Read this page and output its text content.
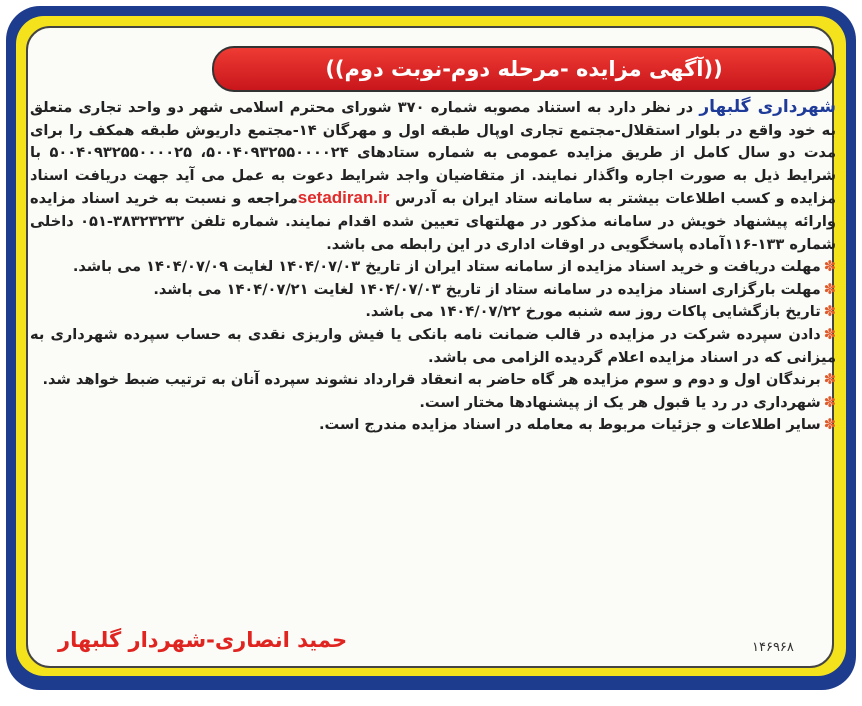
((آگهی مزایده -مرحله دوم-نوبت دوم))

شهرداری گلبهار در نظر دارد به استناد مصوبه شماره ۳۷۰ شورای محترم اسلامی شهر دو واحد تجاری متعلق به خود واقع در بلوار استقلال-مجتمع تجاری اوپال طبقه اول و مهرگان ۱۴-مجتمع داریوش طبقه همکف را برای مدت دو سال کامل از طریق مزایده عمومی به شماره ستادهای ۵۰۰۴۰۹۳۲۵۵۰۰۰۰۲۴، ۵۰۰۴۰۹۳۲۵۵۰۰۰۰۲۵ با شرایط ذیل به صورت اجاره واگذار نمایند. از متقاضیان واجد شرایط دعوت به عمل می آید جهت دریافت اسناد مزایده و کسب اطلاعات بیشتر به سامانه ستاد ایران به آدرس setadiran.irمراجعه و نسبت به خرید اسناد مزایده وارائه پیشنهاد خویش در سامانه مذکور در مهلتهای تعیین شده اقدام نمایند. شماره تلفن ۳۸۳۲۳۲۳۲-۰۵۱ داخلی شماره ۱۳۳-۱۱۶آماده پاسخگویی در اوقات اداری در این رابطه می باشد.

✽مهلت دریافت و خرید اسناد مزایده از سامانه ستاد ایران از تاریخ ۱۴۰۴/۰۷/۰۳ لغایت ۱۴۰۴/۰۷/۰۹ می باشد.
✽مهلت بارگزاری اسناد مزایده در سامانه ستاد از تاریخ ۱۴۰۴/۰۷/۰۳ لغایت ۱۴۰۴/۰۷/۲۱ می باشد.
✽تاریخ بازگشایی پاکات روز سه شنبه مورخ ۱۴۰۴/۰۷/۲۲ می باشد.
✽دادن سپرده شرکت در مزایده در قالب ضمانت نامه بانکی یا فیش واریزی نقدی به حساب سپرده شهرداری به میزانی که در اسناد مزایده اعلام گردیده الزامی می باشد.
✽برندگان اول و دوم و سوم مزایده هر گاه حاضر به انعقاد قرارداد نشوند سپرده آنان به ترتیب ضبط خواهد شد.
✽شهرداری در رد یا قبول هر یک از پیشنهادها مختار است.
✽سایر اطلاعات و جزئیات مربوط به معامله در اسناد مزایده مندرج است.
حمید انصاری-شهردار گلبهار	۱۴۶۹۶۸
